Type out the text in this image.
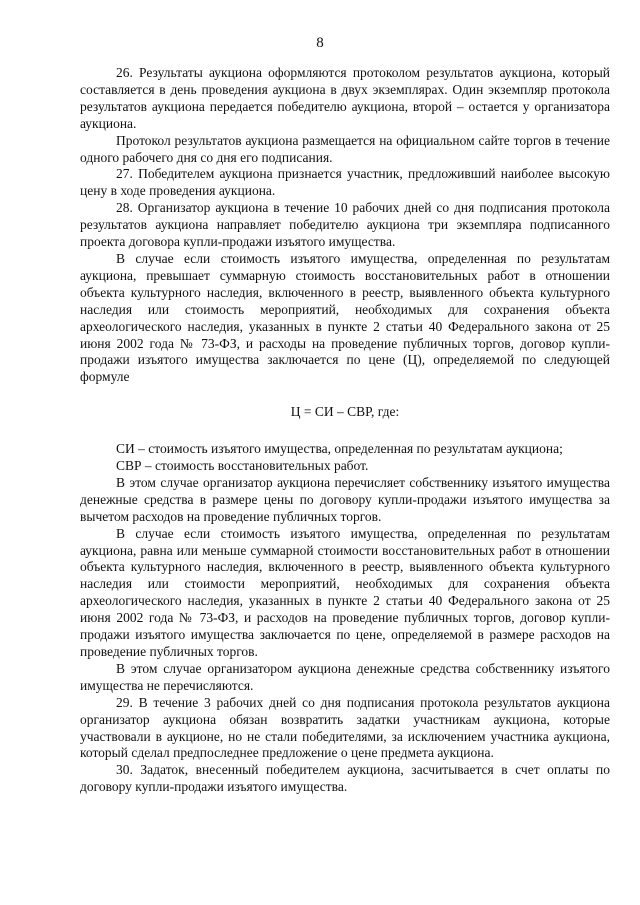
8

26. Результаты аукциона оформляются протоколом результатов аукциона, который составляется в день проведения аукциона в двух экземплярах. Один экземпляр протокола результатов аукциона передается победителю аукциона, второй – остается у организатора аукциона.

Протокол результатов аукциона размещается на официальном сайте торгов в течение одного рабочего дня со дня его подписания.

27. Победителем аукциона признается участник, предложивший наиболее высокую цену в ходе проведения аукциона.

28. Организатор аукциона в течение 10 рабочих дней со дня подписания протокола результатов аукциона направляет победителю аукциона три экземпляра подписанного проекта договора купли-продажи изъятого имущества.

В случае если стоимость изъятого имущества, определенная по результатам аукциона, превышает суммарную стоимость восстановительных работ в отношении объекта культурного наследия, включенного в реестр, выявленного объекта культурного наследия или стоимость мероприятий, необходимых для сохранения объекта археологического наследия, указанных в пункте 2 статьи 40 Федерального закона от 25 июня 2002 года № 73-ФЗ, и расходы на проведение публичных торгов, договор купли-продажи изъятого имущества заключается по цене (Ц), определяемой по следующей формуле

Ц = СИ – СВР, где:

СИ – стоимость изъятого имущества, определенная по результатам аукциона;

СВР – стоимость восстановительных работ.

В этом случае организатор аукциона перечисляет собственнику изъятого имущества денежные средства в размере цены по договору купли-продажи изъятого имущества за вычетом расходов на проведение публичных торгов.

В случае если стоимость изъятого имущества, определенная по результатам аукциона, равна или меньше суммарной стоимости восстановительных работ в отношении объекта культурного наследия, включенного в реестр, выявленного объекта культурного наследия или стоимости мероприятий, необходимых для сохранения объекта археологического наследия, указанных в пункте 2 статьи 40 Федерального закона от 25 июня 2002 года № 73-ФЗ, и расходов на проведение публичных торгов, договор купли-продажи изъятого имущества заключается по цене, определяемой в размере расходов на проведение публичных торгов.

В этом случае организатором аукциона денежные средства собственнику изъятого имущества не перечисляются.

29. В течение 3 рабочих дней со дня подписания протокола результатов аукциона организатор аукциона обязан возвратить задатки участникам аукциона, которые участвовали в аукционе, но не стали победителями, за исключением участника аукциона, который сделал предпоследнее предложение о цене предмета аукциона.

30. Задаток, внесенный победителем аукциона, засчитывается в счет оплаты по договору купли-продажи изъятого имущества.
